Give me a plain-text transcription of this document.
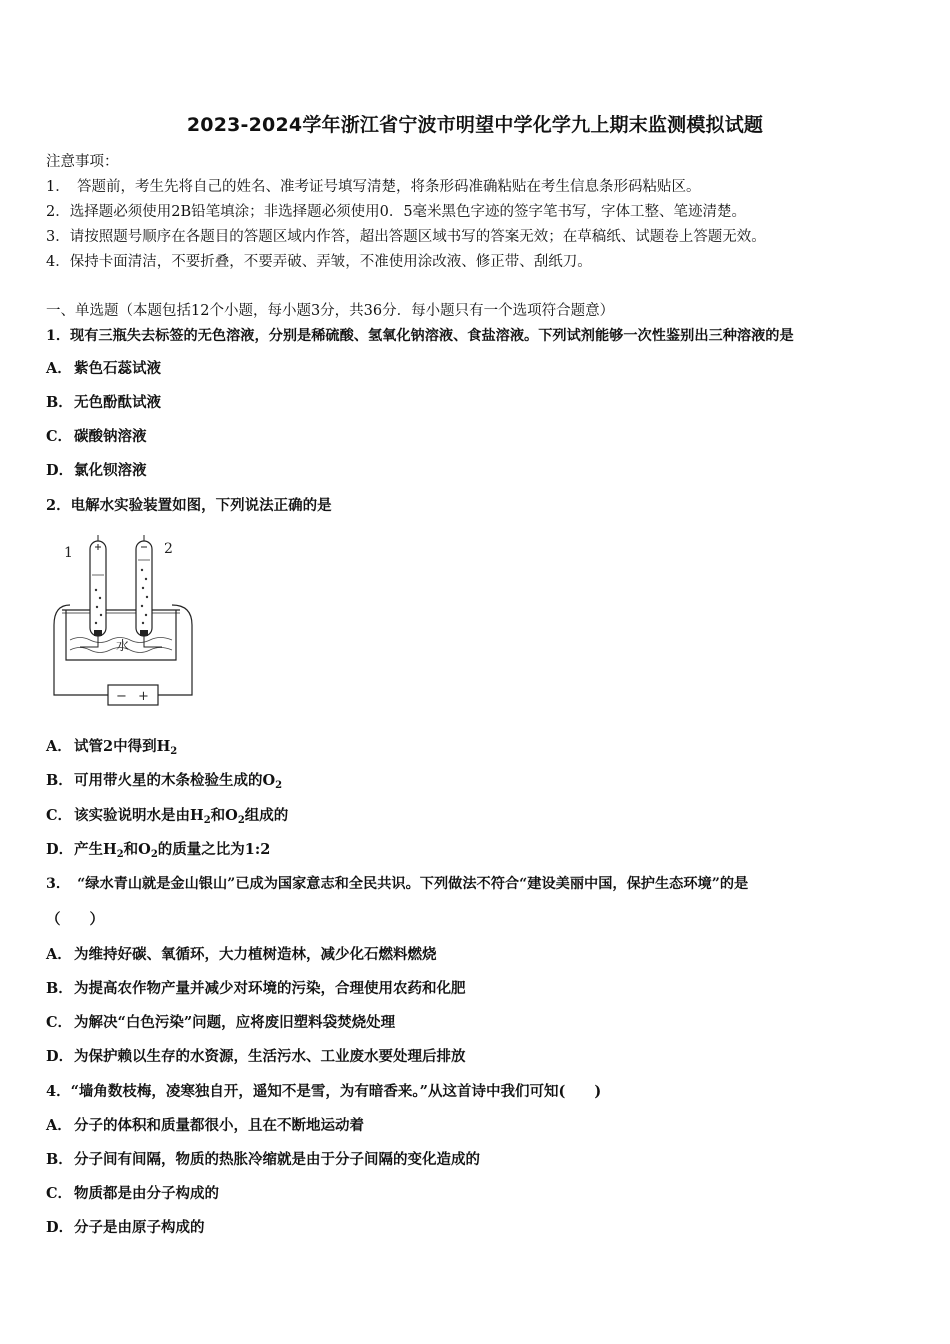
2023-2024学年浙江省宁波市明望中学化学九上期末监测模拟试题
注意事项：
1．　答题前，考生先将自己的姓名、准考证号填写清楚，将条形码准确粘贴在考生信息条形码粘贴区。
2．选择题必须使用2B铅笔填涂；非选择题必须使用0．5毫米黑色字迹的签字笔书写，字体工整、笔迹清楚。
3．请按照题号顺序在各题目的答题区域内作答，超出答题区域书写的答案无效；在草稿纸、试题卷上答题无效。
4．保持卡面清洁，不要折叠，不要弄破、弄皱，不准使用涂改液、修正带、刮纸刀。
一、单选题（本题包括12个小题，每小题3分，共36分．每小题只有一个选项符合题意）
1．现有三瓶失去标签的无色溶液，分别是稀硫酸、氢氧化钠溶液、食盐溶液。下列试剂能够一次性鉴别出三种溶液的是
A． 紫色石蕊试液
B．无色酚酞试液
C． 碳酸钠溶液
D．氯化钡溶液
2．电解水实验装置如图，下列说法正确的是
− +
水
1	2
A． 试管2中得到$H_2$
B．可用带火星的木条检验生成的$O_2$
C． 该实验说明水是由$H_2$和$O_2$组成的
D．产生$H_2$和$O_2$的质量之比为1:2
3．　“绿水青山就是金山银山”已成为国家意志和全民共识。下列做法不符合“建设美丽中国，保护生态环境”的是
（　　）
A． 为维持好碳、氧循环，大力植树造林，减少化石燃料燃烧
B．为提高农作物产量并减少对环境的污染，合理使用农药和化肥
C． 为解决“白色污染”问题，应将废旧塑料袋焚烧处理
D．为保护赖以生存的水资源，生活污水、工业废水要处理后排放
4．“墙角数枝梅，凌寒独自开，遥知不是雪，为有暗香来。”从这首诗中我们可知(　　)
A． 分子的体积和质量都很小，且在不断地运动着
B．分子间有间隔，物质的热胀冷缩就是由于分子间隔的变化造成的
C． 物质都是由分子构成的
D．分子是由原子构成的
